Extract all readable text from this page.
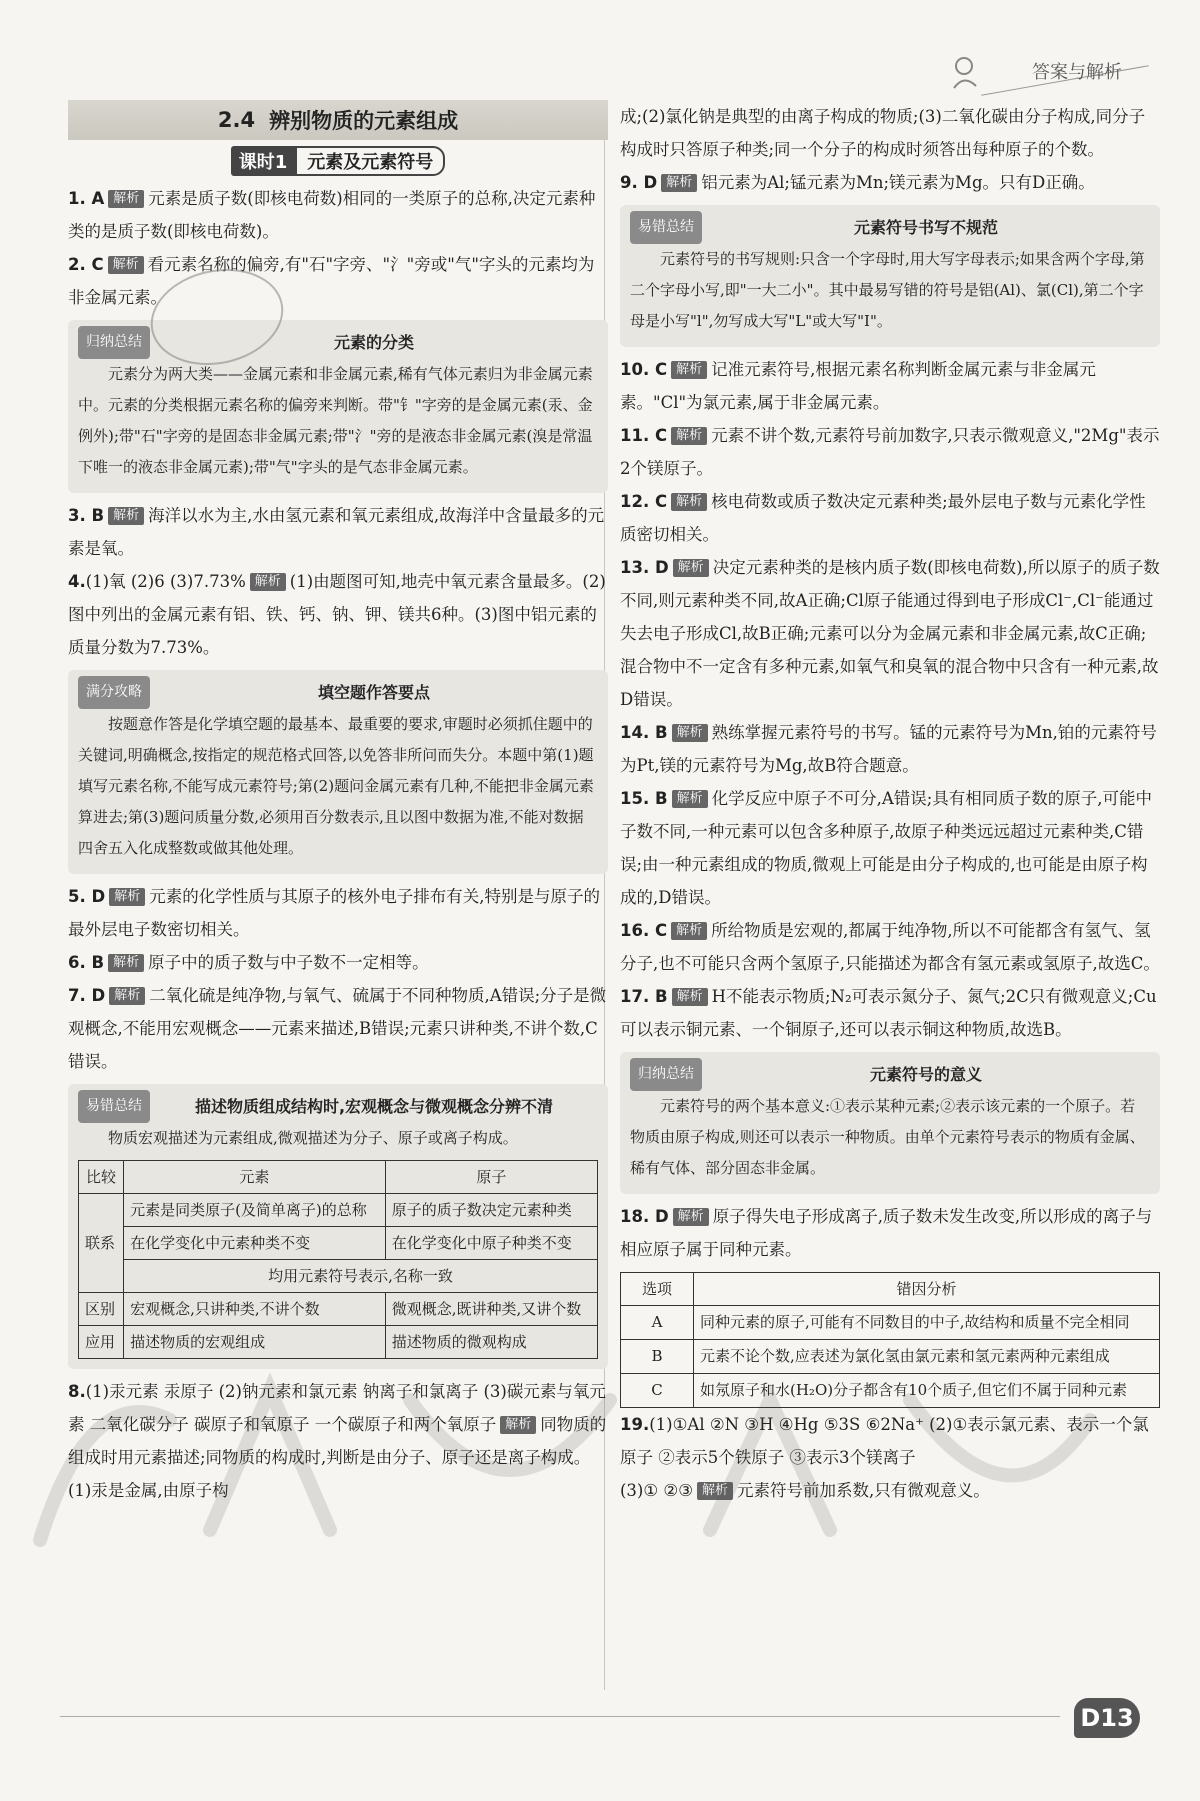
答案与解析
2.4 辨别物质的元素组成
课时1	元素及元素符号

1. A 解析 元素是质子数(即核电荷数)相同的一类原子的总称,决定元素种类的是质子数(即核电荷数)。

2. C 解析 看元素名称的偏旁,有"石"字旁、"氵"旁或"气"字头的元素均为非金属元素。

归纳总结	元素的分类

元素分为两大类——金属元素和非金属元素,稀有气体元素归为非金属元素中。元素的分类根据元素名称的偏旁来判断。带"钅"字旁的是金属元素(汞、金例外);带"石"字旁的是固态非金属元素;带"氵"旁的是液态非金属元素(溴是常温下唯一的液态非金属元素);带"气"字头的是气态非金属元素。

3. B 解析 海洋以水为主,水由氢元素和氧元素组成,故海洋中含量最多的元素是氧。

4.(1)氧 (2)6 (3)7.73% 解析 (1)由题图可知,地壳中氧元素含量最多。(2)图中列出的金属元素有铝、铁、钙、钠、钾、镁共6种。(3)图中铝元素的质量分数为7.73%。

满分攻略	填空题作答要点

按题意作答是化学填空题的最基本、最重要的要求,审题时必须抓住题中的关键词,明确概念,按指定的规范格式回答,以免答非所问而失分。本题中第(1)题填写元素名称,不能写成元素符号;第(2)题问金属元素有几种,不能把非金属元素算进去;第(3)题问质量分数,必须用百分数表示,且以图中数据为准,不能对数据四舍五入化成整数或做其他处理。

5. D 解析 元素的化学性质与其原子的核外电子排布有关,特别是与原子的最外层电子数密切相关。

6. B 解析 原子中的质子数与中子数不一定相等。

7. D 解析 二氧化硫是纯净物,与氧气、硫属于不同种物质,A错误;分子是微观概念,不能用宏观概念——元素来描述,B错误;元素只讲种类,不讲个数,C错误。

易错总结	描述物质组成结构时,宏观概念与微观概念分辨不清

物质宏观描述为元素组成,微观描述为分子、原子或离子构成。

比较	元素	原子
联系	元素是同类原子(及简单离子)的总称	原子的质子数决定元素种类
	在化学变化中元素种类不变	在化学变化中原子种类不变
	均用元素符号表示,名称一致	
区别	宏观概念,只讲种类,不讲个数	微观概念,既讲种类,又讲个数
应用	描述物质的宏观组成	描述物质的微观构成

8.(1)汞元素 汞原子 (2)钠元素和氯元素 钠离子和氯离子 (3)碳元素与氧元素 二氧化碳分子 碳原子和氧原子 一个碳原子和两个氧原子 解析 同物质的组成时用元素描述;同物质的构成时,判断是由分子、原子还是离子构成。(1)汞是金属,由原子构

成;(2)氯化钠是典型的由离子构成的物质;(3)二氧化碳由分子构成,同分子构成时只答原子种类;同一个分子的构成时须答出每种原子的个数。

9. D 解析 铝元素为Al;锰元素为Mn;镁元素为Mg。只有D正确。

易错总结	元素符号书写不规范

元素符号的书写规则:只含一个字母时,用大写字母表示;如果含两个字母,第二个字母小写,即"一大二小"。其中最易写错的符号是铝(Al)、氯(Cl),第二个字母是小写"l",勿写成大写"L"或大写"I"。

10. C 解析 记准元素符号,根据元素名称判断金属元素与非金属元素。"Cl"为氯元素,属于非金属元素。

11. C 解析 元素不讲个数,元素符号前加数字,只表示微观意义,"2Mg"表示2个镁原子。

12. C 解析 核电荷数或质子数决定元素种类;最外层电子数与元素化学性质密切相关。

13. D 解析 决定元素种类的是核内质子数(即核电荷数),所以原子的质子数不同,则元素种类不同,故A正确;Cl原子能通过得到电子形成Cl⁻,Cl⁻能通过失去电子形成Cl,故B正确;元素可以分为金属元素和非金属元素,故C正确;混合物中不一定含有多种元素,如氧气和臭氧的混合物中只含有一种元素,故D错误。

14. B 解析 熟练掌握元素符号的书写。锰的元素符号为Mn,铂的元素符号为Pt,镁的元素符号为Mg,故B符合题意。

15. B 解析 化学反应中原子不可分,A错误;具有相同质子数的原子,可能中子数不同,一种元素可以包含多种原子,故原子种类远远超过元素种类,C错误;由一种元素组成的物质,微观上可能是由分子构成的,也可能是由原子构成的,D错误。

16. C 解析 所给物质是宏观的,都属于纯净物,所以不可能都含有氢气、氢分子,也不可能只含两个氢原子,只能描述为都含有氢元素或氢原子,故选C。

17. B 解析 H不能表示物质;N₂可表示氮分子、氮气;2C只有微观意义;Cu可以表示铜元素、一个铜原子,还可以表示铜这种物质,故选B。

归纳总结	元素符号的意义

元素符号的两个基本意义:①表示某种元素;②表示该元素的一个原子。若物质由原子构成,则还可以表示一种物质。由单个元素符号表示的物质有金属、稀有气体、部分固态非金属。

18. D 解析 原子得失电子形成离子,质子数未发生改变,所以形成的离子与相应原子属于同种元素。

选项	错因分析
A	同种元素的原子,可能有不同数目的中子,故结构和质量不完全相同
B	元素不论个数,应表述为氯化氢由氯元素和氢元素两种元素组成
C	如氖原子和水(H₂O)分子都含有10个质子,但它们不属于同种元素

19.(1)①Al ②N ③H ④Hg ⑤3S ⑥2Na⁺ (2)①表示氯元素、表示一个氯原子 ②表示5个铁原子 ③表示3个镁离子

(3)① ②③ 解析 元素符号前加系数,只有微观意义。

D13
